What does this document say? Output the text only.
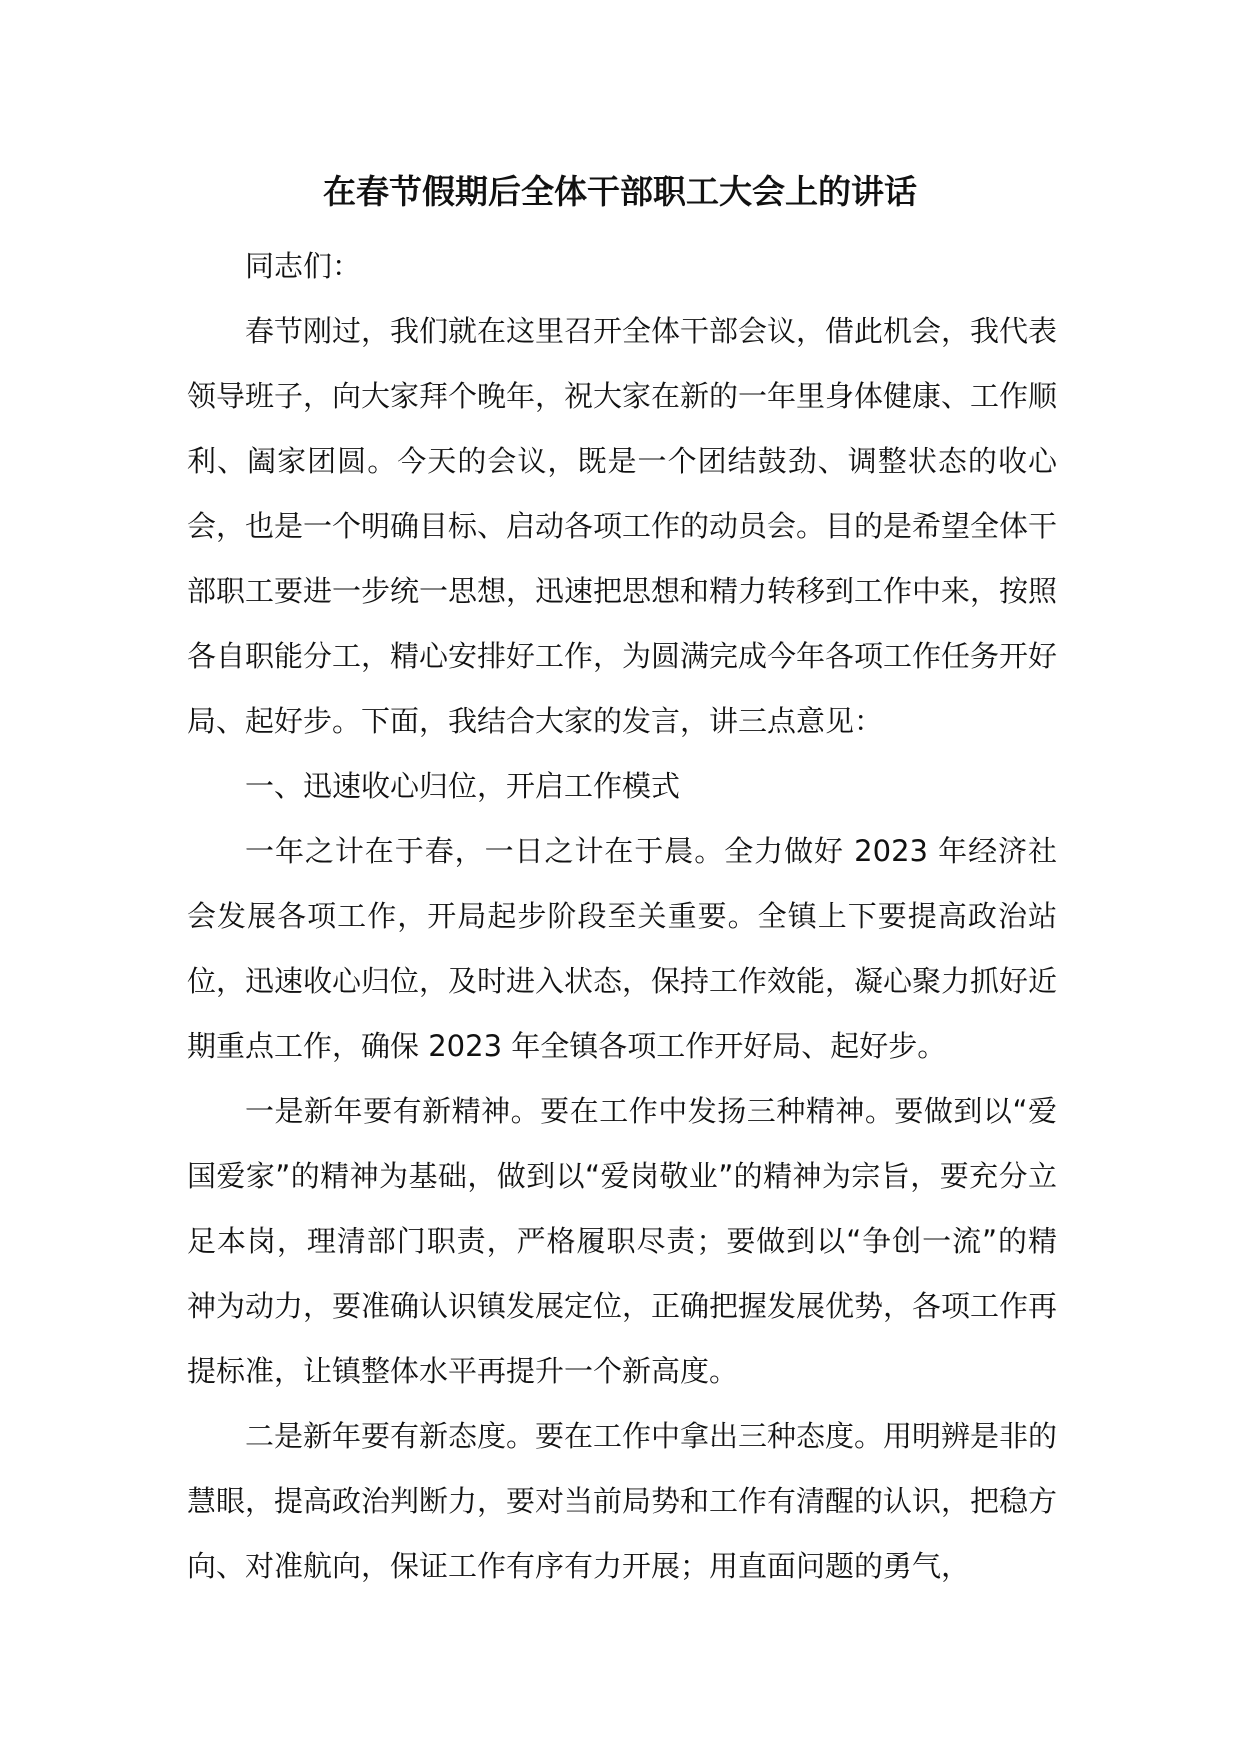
在春节假期后全体干部职工大会上的讲话

同志们：

春节刚过，我们就在这里召开全体干部会议，借此机会，我代表领导班子，向大家拜个晚年，祝大家在新的一年里身体健康、工作顺利、阖家团圆。今天的会议，既是一个团结鼓劲、调整状态的收心会，也是一个明确目标、启动各项工作的动员会。目的是希望全体干部职工要进一步统一思想，迅速把思想和精力转移到工作中来，按照各自职能分工，精心安排好工作，为圆满完成今年各项工作任务开好局、起好步。下面，我结合大家的发言，讲三点意见：

一、迅速收心归位，开启工作模式

一年之计在于春，一日之计在于晨。全力做好 2023 年经济社会发展各项工作，开局起步阶段至关重要。全镇上下要提高政治站位，迅速收心归位，及时进入状态，保持工作效能，凝心聚力抓好近期重点工作，确保 2023 年全镇各项工作开好局、起好步。

一是新年要有新精神。要在工作中发扬三种精神。要做到以“爱国爱家”的精神为基础，做到以“爱岗敬业”的精神为宗旨，要充分立足本岗，理清部门职责，严格履职尽责；要做到以“争创一流”的精神为动力，要准确认识镇发展定位，正确把握发展优势，各项工作再提标准，让镇整体水平再提升一个新高度。

二是新年要有新态度。要在工作中拿出三种态度。用明辨是非的慧眼，提高政治判断力，要对当前局势和工作有清醒的认识，把稳方向、对准航向，保证工作有序有力开展；用直面问题的勇气，
